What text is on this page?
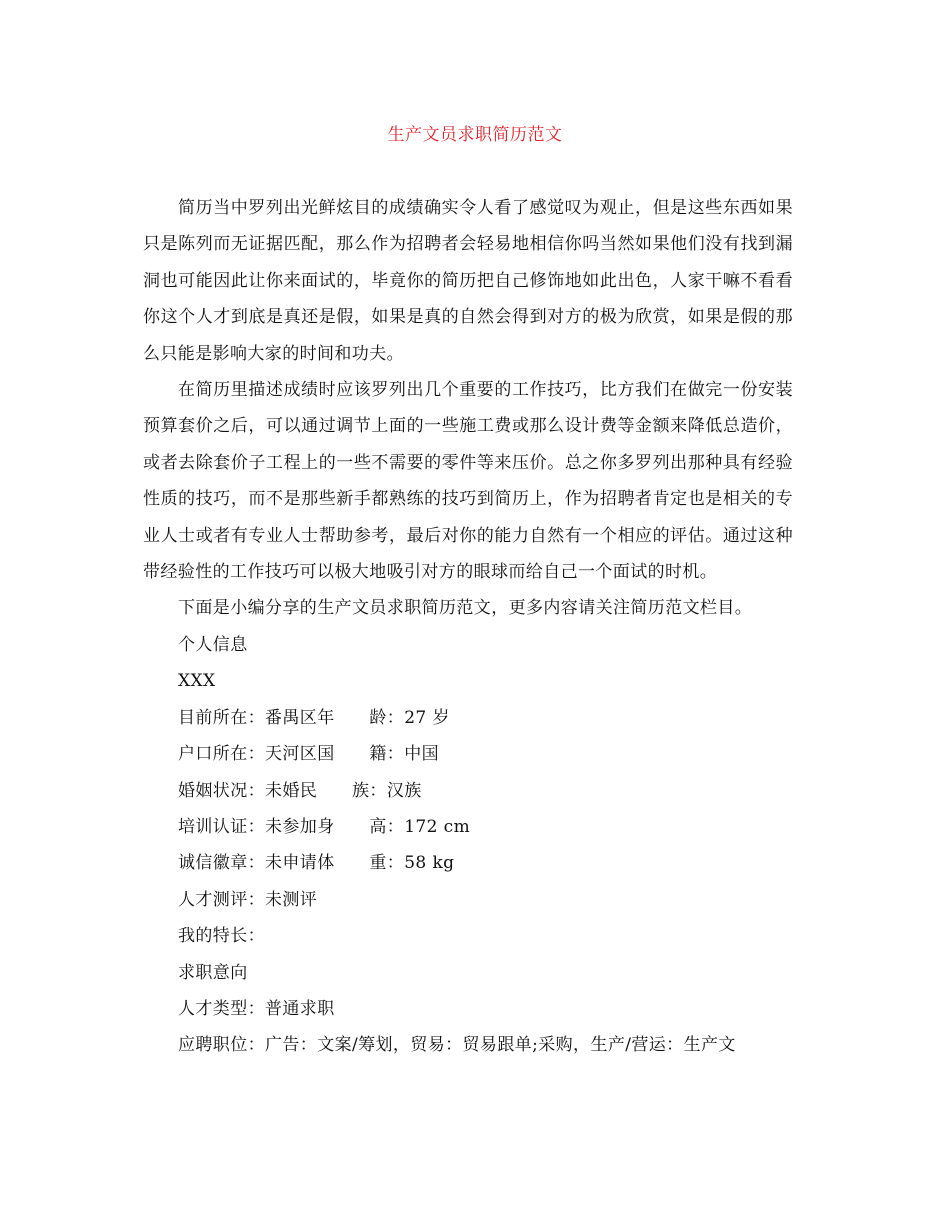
生产文员求职简历范文

简历当中罗列出光鲜炫目的成绩确实令人看了感觉叹为观止，但是这些东西如果只是陈列而无证据匹配，那么作为招聘者会轻易地相信你吗当然如果他们没有找到漏洞也可能因此让你来面试的，毕竟你的简历把自己修饰地如此出色，人家干嘛不看看你这个人才到底是真还是假，如果是真的自然会得到对方的极为欣赏，如果是假的那么只能是影响大家的时间和功夫。

在简历里描述成绩时应该罗列出几个重要的工作技巧，比方我们在做完一份安装预算套价之后，可以通过调节上面的一些施工费或那么设计费等金额来降低总造价，或者去除套价子工程上的一些不需要的零件等来压价。总之你多罗列出那种具有经验性质的技巧，而不是那些新手都熟练的技巧到简历上，作为招聘者肯定也是相关的专业人士或者有专业人士帮助参考，最后对你的能力自然有一个相应的评估。通过这种带经验性的工作技巧可以极大地吸引对方的眼球而给自己一个面试的时机。

下面是小编分享的生产文员求职简历范文，更多内容请关注简历范文栏目。

个人信息

XXX

目前所在：番禺区年　　龄：27 岁

户口所在：天河区国　　籍：中国

婚姻状况：未婚民　　族：汉族

培训认证：未参加身　　高：172 cm

诚信徽章：未申请体　　重：58 kg

人才测评：未测评

我的特长：

求职意向

人才类型：普通求职

应聘职位：广告：文案/筹划，贸易：贸易跟单;采购，生产/营运：生产文
